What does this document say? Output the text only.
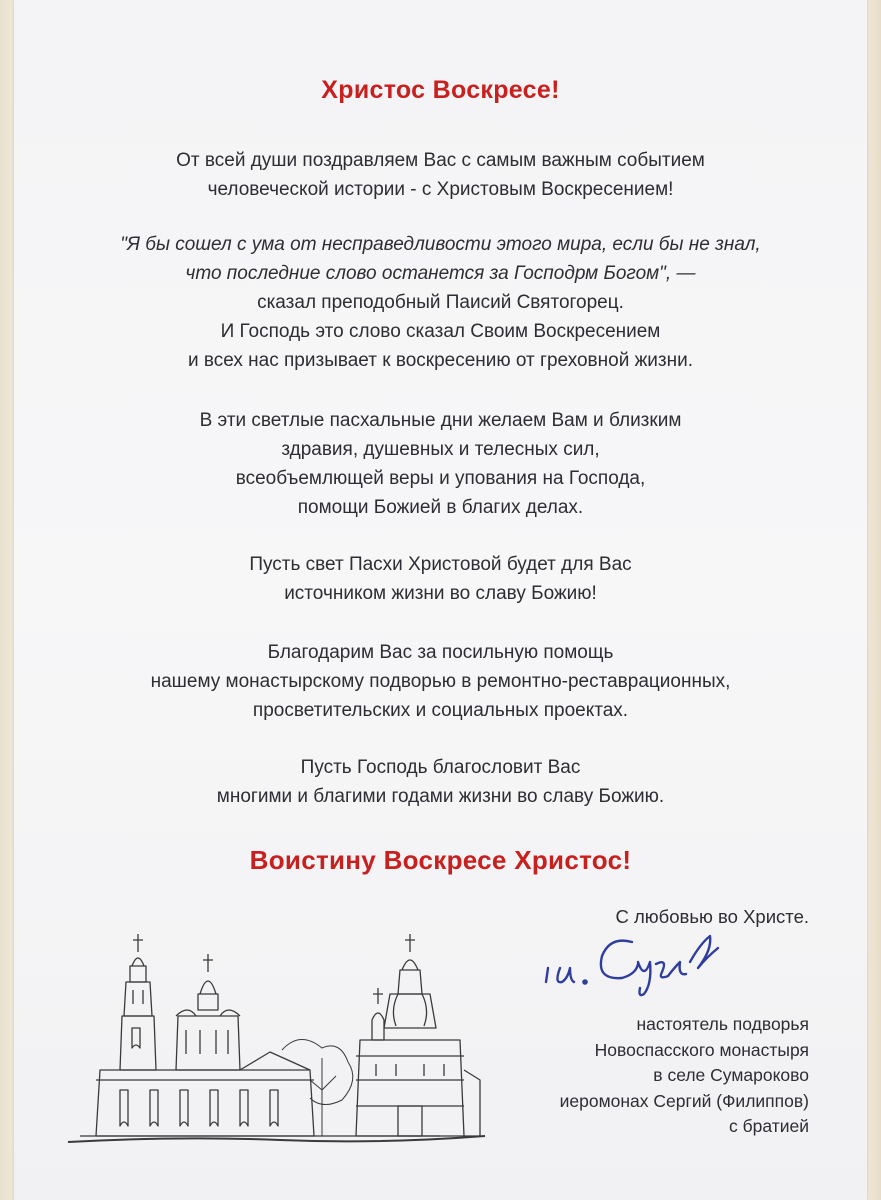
Христос Воскресе!
От всей души поздравляем Вас с самым важным событием
человеческой истории - с Христовым Воскресением!
"Я бы сошел с ума от несправедливости этого мира, если бы не знал,
что последние слово останется за Господрм Богом", —
сказал преподобный Паисий Святогорец.
И Господь это слово сказал Своим Воскресением
и всех нас призывает к воскресению от греховной жизни.
В эти светлые пасхальные дни желаем Вам и близким
здравия, душевных и телесных сил,
всеобъемлющей веры и упования на Господа,
помощи Божией в благих делах.
Пусть свет Пасхи Христовой будет для Вас
источником жизни во славу Божию!
Благодарим Вас за посильную помощь
нашему монастырскому подворью в ремонтно-реставрационных,
просветительских и социальных проектах.
Пусть Господь благословит Вас
многими и благими годами жизни во славу Божию.
Воистину Воскресе Христос!
С любовью во Христе.
настоятель подворья
Новоспасского монастыря
в селе Сумароково
иеромонах Сергий (Филиппов)
с братией
